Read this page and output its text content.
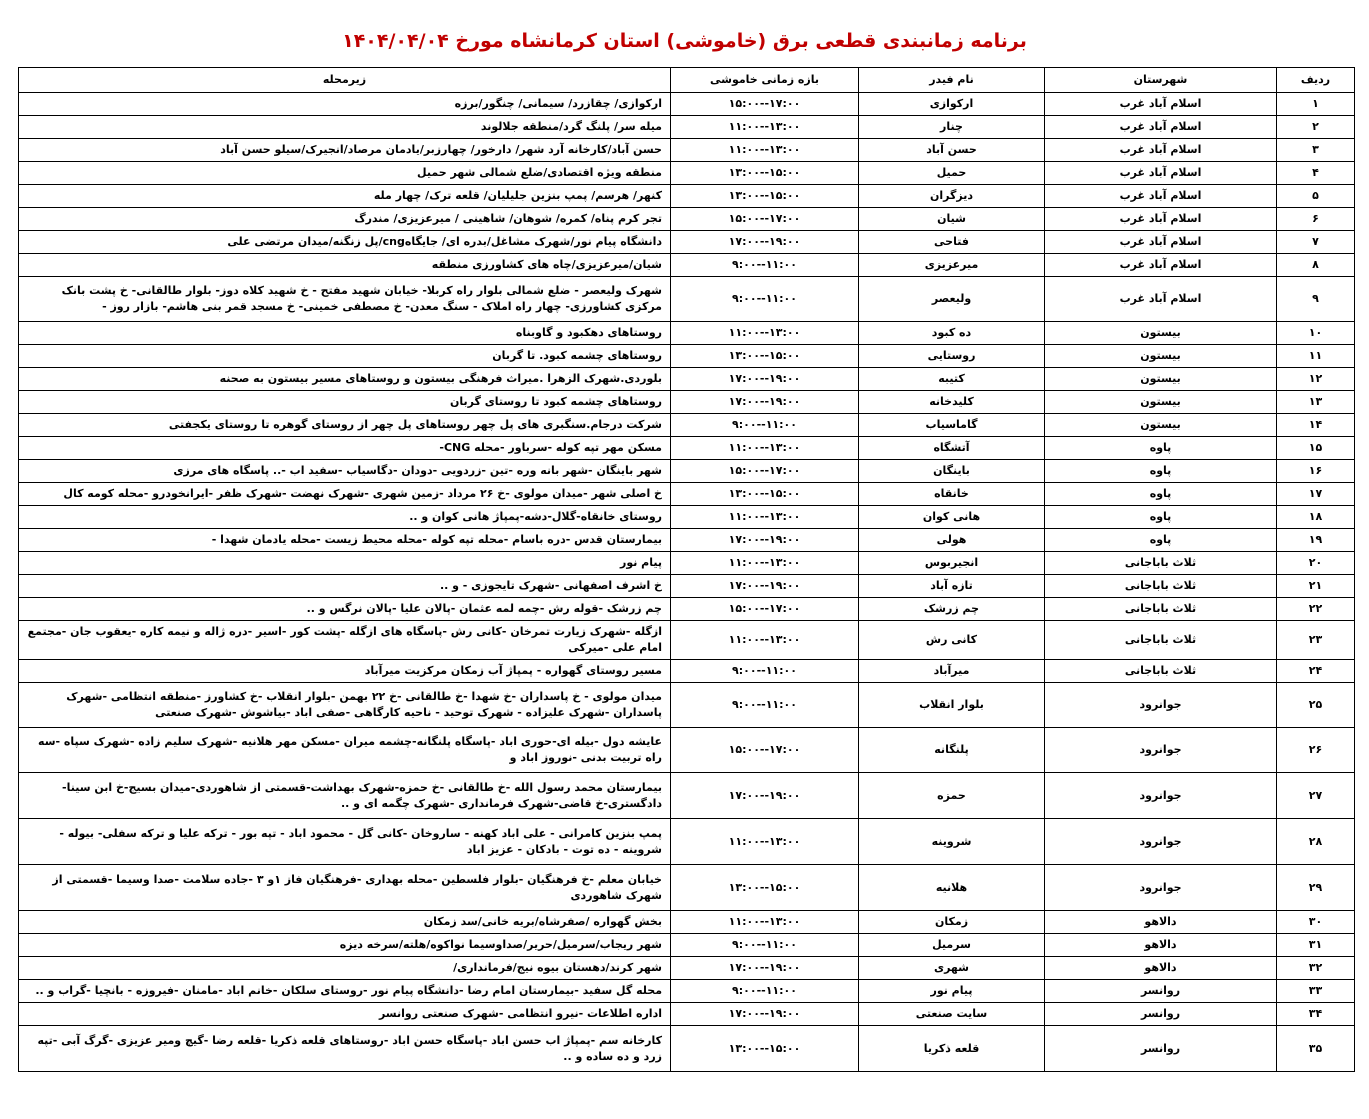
برنامه زمانبندی قطعی برق (خاموشی) استان کرمانشاه مورخ ۱۴۰۴/۰۴/۰۴
ردیف	شهرستان	نام فیدر	بازه زمانی خاموشی	زیرمحله
۱	اسلام آباد غرب	ارکوازی	۱۵:۰۰--۱۷:۰۰	ارکوازی/ چقازرد/ سیمانی/ چنگور/برزه
۲	اسلام آباد غرب	چنار	۱۱:۰۰--۱۳:۰۰	میله سر/ پلنگ گرد/منطقه جلالوند
۳	اسلام آباد غرب	حسن آباد	۱۱:۰۰--۱۳:۰۰	حسن آباد/کارخانه آرد شهر/ دارخور/ چهارزبر/یادمان مرصاد/انجیرک/سیلو حسن آباد
۴	اسلام آباد غرب	حمیل	۱۳:۰۰--۱۵:۰۰	منطقه ویژه اقتصادی/ضلع شمالی شهر حمیل
۵	اسلام آباد غرب	دیزگران	۱۳:۰۰--۱۵:۰۰	کنهر/ هرسم/ پمپ بنزین جلیلیان/ قلعه ترک/ چهار مله
۶	اسلام آباد غرب	شیان	۱۵:۰۰--۱۷:۰۰	تجر کرم پناه/ کمره/ شوهان/ شاهینی / میرعزیزی/ مندرگ
۷	اسلام آباد غرب	فتاحی	۱۷:۰۰--۱۹:۰۰	دانشگاه پیام نور/شهرک مشاغل/بدره ای/ جایگاهcng/پل زنگنه/میدان مرتضی علی
۸	اسلام آباد غرب	میرعزیزی	۹:۰۰--۱۱:۰۰	شیان/میرعزیزی/چاه های کشاورزی منطقه
۹	اسلام آباد غرب	ولیعصر	۹:۰۰--۱۱:۰۰	شهرک ولیعصر - ضلع شمالی بلوار راه کربلا- خیابان شهید مفتح - خ شهید کلاه دوز- بلوار طالقانی- خ پشت بانک مرکزی کشاورزی- چهار راه املاک - سنگ معدن- خ مصطفی خمینی- خ مسجد قمر بنی هاشم- بازار روز -
۱۰	بیستون	ده کبود	۱۱:۰۰--۱۳:۰۰	روستاهای دهکبود و گاوبناه
۱۱	بیستون	روستایی	۱۳:۰۰--۱۵:۰۰	روستاهای چشمه کبود. تا گربان
۱۲	بیستون	کتیبه	۱۷:۰۰--۱۹:۰۰	بلوردی.شهرک الزهرا .میراث فرهنگی بیستون و روستاهای مسیر بیستون به صحنه
۱۳	بیستون	کلیدخانه	۱۷:۰۰--۱۹:۰۰	روستاهای چشمه کبود تا روستای گربان
۱۴	بیستون	گاماسیاب	۹:۰۰--۱۱:۰۰	شرکت درجام.سنگبری های پل چهر روستاهای پل چهر از روستای گوهره تا روستای یکجفتی
۱۵	پاوه	آتشگاه	۱۱:۰۰--۱۳:۰۰	مسکن مهر تپه کوله -سرباور -محله CNG-
۱۶	پاوه	باینگان	۱۵:۰۰--۱۷:۰۰	شهر باینگان -شهر بانه وره -تین -زردویی -دودان -دگاسیاب -سفید اب -.. پاسگاه های مرزی
۱۷	پاوه	خانقاه	۱۳:۰۰--۱۵:۰۰	خ اصلی شهر -میدان مولوی -خ ۲۶ مرداد -زمین شهری -شهرک نهضت -شهرک ظفر -ایرانخودرو -محله کومه کال
۱۸	پاوه	هانی کوان	۱۱:۰۰--۱۳:۰۰	روستای خانقاه-گلال-دشه-پمپاژ هانی کوان و ..
۱۹	پاوه	هولی	۱۷:۰۰--۱۹:۰۰	بیمارستان قدس -دره باسام -محله تپه کوله -محله محیط زیست -محله یادمان شهدا -
۲۰	ثلاث باباجانی	انجیربوس	۱۱:۰۰--۱۳:۰۰	پیام نور
۲۱	ثلاث باباجانی	تازه آباد	۱۷:۰۰--۱۹:۰۰	خ اشرف اصفهانی -شهرک تایجوزی - و ..
۲۲	ثلاث باباجانی	چم زرشک	۱۵:۰۰--۱۷:۰۰	چم زرشک -قوله رش -چمه لمه عثمان -پالان علیا -پالان نرگس و ..
۲۳	ثلاث باباجانی	کانی رش	۱۱:۰۰--۱۳:۰۰	ازگله -شهرک زیارت تمرخان -کانی رش -پاسگاه های ازگله -پشت کور -اسیر -دره ژاله و نیمه کاره -یعقوب جان -مجتمع امام علی -میرکی
۲۴	ثلاث باباجانی	میرآباد	۹:۰۰--۱۱:۰۰	مسیر روستای گهواره - پمپاژ آب زمکان مرکزیت میرآباد
۲۵	جوانرود	بلوار انقلاب	۹:۰۰--۱۱:۰۰	میدان مولوی - خ پاسداران -خ شهدا -خ طالقانی -خ ۲۲ بهمن -بلوار انقلاب -خ کشاورز -منطقه انتظامی -شهرک پاسداران -شهرک علیزاده - شهرک توحید - ناحیه کارگاهی -صفی اباد -بیاشوش -شهرک صنعتی
۲۶	جوانرود	پلنگانه	۱۵:۰۰--۱۷:۰۰	عایشه دول -بیله ای-حوری اباد -پاسگاه پلنگانه-چشمه میران -مسکن مهر هلانیه -شهرک سلیم زاده -شهرک سپاه -سه راه تربیت بدنی -نوروز اباد و
۲۷	جوانرود	حمزه	۱۷:۰۰--۱۹:۰۰	بیمارستان محمد رسول الله -خ طالقانی -خ حمزه-شهرک بهداشت-قسمتی از شاهوردی-میدان بسیج-خ ابن سینا-دادگستری-خ قاضی-شهرک فرمانداری -شهرک چگمه ای و ..
۲۸	جوانرود	شروینه	۱۱:۰۰--۱۳:۰۰	پمپ بنزین کامرانی - علی اباد کهنه - ساروخان -کانی گل - محمود اباد - تپه بور - ترکه علیا و ترکه سفلی- بیوله - شروینه - ده توت - بادکان - عزیز اباد
۲۹	جوانرود	هلانیه	۱۳:۰۰--۱۵:۰۰	خیابان معلم -خ فرهنگیان -بلوار فلسطین -محله بهداری -فرهنگیان فاز ۱و ۳ -جاده سلامت -صدا وسیما -قسمتی از شهرک شاهوردی
۳۰	دالاهو	زمکان	۱۱:۰۰--۱۳:۰۰	بخش گهواره /صفرشاه/بریه خانی/سد زمکان
۳۱	دالاهو	سرمیل	۹:۰۰--۱۱:۰۰	شهر ریجاب/سرمیل/حریر/صداوسیما نواکوه/هلته/سرخه دیزه
۳۲	دالاهو	شهری	۱۷:۰۰--۱۹:۰۰	شهر کرند/دهستان بیوه نیج/فرمانداری/
۳۳	روانسر	پیام نور	۹:۰۰--۱۱:۰۰	محله گل سفید -بیمارستان امام رضا -دانشگاه پیام نور -روستای سلکان -خانم اباد -مامنان -فیروزه - بانچیا -گراب و ..
۳۴	روانسر	سایت صنعتی	۱۷:۰۰--۱۹:۰۰	اداره اطلاعات -نیرو انتظامی -شهرک صنعتی روانسر
۳۵	روانسر	قلعه ذکریا	۱۳:۰۰--۱۵:۰۰	کارخانه سم -پمپاژ اب حسن اباد -پاسگاه حسن اباد -روستاهای قلعه ذکریا -قلعه رضا -گیچ ومیر عزیزی -گرگ آبی -تپه زرد و ده ساده و ..
